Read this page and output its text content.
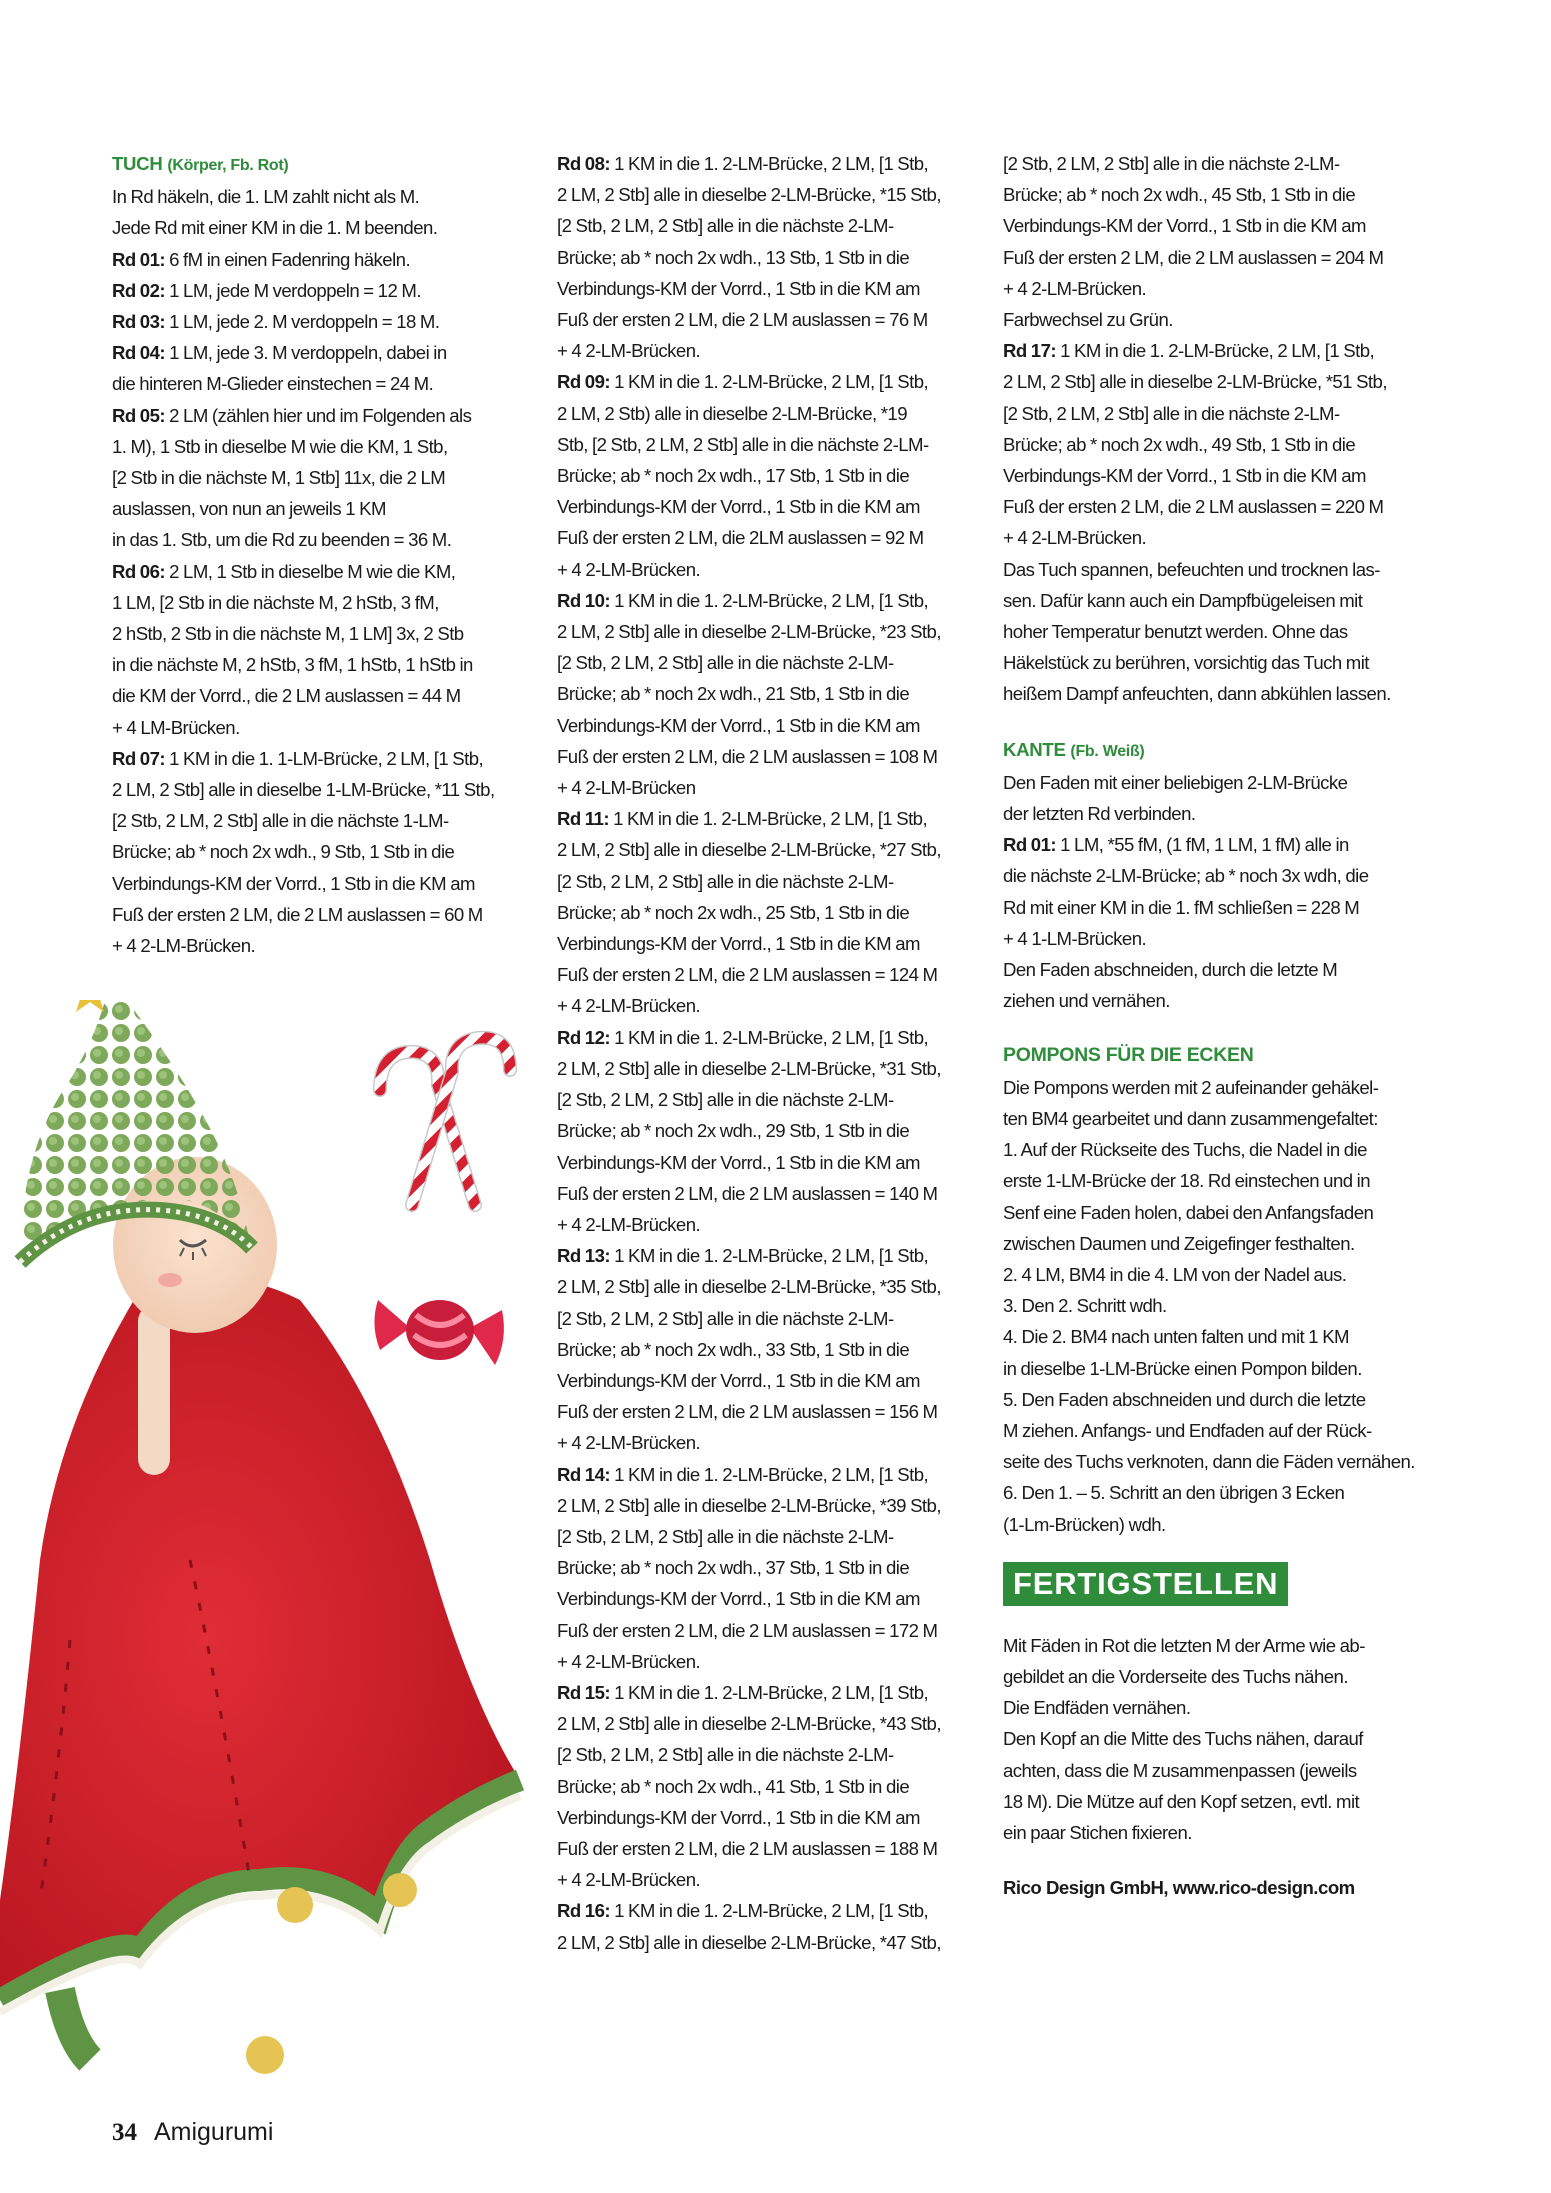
TUCH (Körper, Fb. Rot)
In Rd häkeln, die 1. LM zahlt nicht als M.
Jede Rd mit einer KM in die 1. M beenden.
Rd 01: 6 fM in einen Fadenring häkeln.
Rd 02: 1 LM, jede M verdoppeln = 12 M.
Rd 03: 1 LM, jede 2. M verdoppeln = 18 M.
Rd 04: 1 LM, jede 3. M verdoppeln, dabei in
die hinteren M-Glieder einstechen = 24 M.
Rd 05: 2 LM (zählen hier und im Folgenden als
1. M), 1 Stb in dieselbe M wie die KM, 1 Stb,
[2 Stb in die nächste M, 1 Stb] 11x, die 2 LM
auslassen, von nun an jeweils 1 KM
in das 1. Stb, um die Rd zu beenden = 36 M.
Rd 06: 2 LM, 1 Stb in dieselbe M wie die KM,
1 LM, [2 Stb in die nächste M, 2 hStb, 3 fM,
2 hStb, 2 Stb in die nächste M, 1 LM] 3x, 2 Stb
in die nächste M, 2 hStb, 3 fM, 1 hStb, 1 hStb in
die KM der Vorrd., die 2 LM auslassen = 44 M
+ 4 LM-Brücken.
Rd 07: 1 KM in die 1. 1-LM-Brücke, 2 LM, [1 Stb,
2 LM, 2 Stb] alle in dieselbe 1-LM-Brücke, *11 Stb,
[2 Stb, 2 LM, 2 Stb] alle in die nächste 1-LM-
Brücke; ab * noch 2x wdh., 9 Stb, 1 Stb in die
Verbindungs-KM der Vorrd., 1 Stb in die KM am
Fuß der ersten 2 LM, die 2 LM auslassen = 60 M
+ 4 2-LM-Brücken.
Rd 08: 1 KM in die 1. 2-LM-Brücke, 2 LM, [1 Stb,
2 LM, 2 Stb] alle in dieselbe 2-LM-Brücke, *15 Stb,
[2 Stb, 2 LM, 2 Stb] alle in die nächste 2-LM-
Brücke; ab * noch 2x wdh., 13 Stb, 1 Stb in die
Verbindungs-KM der Vorrd., 1 Stb in die KM am
Fuß der ersten 2 LM, die 2 LM auslassen = 76 M
+ 4 2-LM-Brücken.
Rd 09: 1 KM in die 1. 2-LM-Brücke, 2 LM, [1 Stb,
2 LM, 2 Stb) alle in dieselbe 2-LM-Brücke, *19
Stb, [2 Stb, 2 LM, 2 Stb] alle in die nächste 2-LM-
Brücke; ab * noch 2x wdh., 17 Stb, 1 Stb in die
Verbindungs-KM der Vorrd., 1 Stb in die KM am
Fuß der ersten 2 LM, die 2LM auslassen = 92 M
+ 4 2-LM-Brücken.
Rd 10: 1 KM in die 1. 2-LM-Brücke, 2 LM, [1 Stb,
2 LM, 2 Stb] alle in dieselbe 2-LM-Brücke, *23 Stb,
[2 Stb, 2 LM, 2 Stb] alle in die nächste 2-LM-
Brücke; ab * noch 2x wdh., 21 Stb, 1 Stb in die
Verbindungs-KM der Vorrd., 1 Stb in die KM am
Fuß der ersten 2 LM, die 2 LM auslassen = 108 M
+ 4 2-LM-Brücken
Rd 11: 1 KM in die 1. 2-LM-Brücke, 2 LM, [1 Stb,
2 LM, 2 Stb] alle in dieselbe 2-LM-Brücke, *27 Stb,
[2 Stb, 2 LM, 2 Stb] alle in die nächste 2-LM-
Brücke; ab * noch 2x wdh., 25 Stb, 1 Stb in die
Verbindungs-KM der Vorrd., 1 Stb in die KM am
Fuß der ersten 2 LM, die 2 LM auslassen = 124 M
+ 4 2-LM-Brücken.
Rd 12: 1 KM in die 1. 2-LM-Brücke, 2 LM, [1 Stb,
2 LM, 2 Stb] alle in dieselbe 2-LM-Brücke, *31 Stb,
[2 Stb, 2 LM, 2 Stb] alle in die nächste 2-LM-
Brücke; ab * noch 2x wdh., 29 Stb, 1 Stb in die
Verbindungs-KM der Vorrd., 1 Stb in die KM am
Fuß der ersten 2 LM, die 2 LM auslassen = 140 M
+ 4 2-LM-Brücken.
Rd 13: 1 KM in die 1. 2-LM-Brücke, 2 LM, [1 Stb,
2 LM, 2 Stb] alle in dieselbe 2-LM-Brücke, *35 Stb,
[2 Stb, 2 LM, 2 Stb] alle in die nächste 2-LM-
Brücke; ab * noch 2x wdh., 33 Stb, 1 Stb in die
Verbindungs-KM der Vorrd., 1 Stb in die KM am
Fuß der ersten 2 LM, die 2 LM auslassen = 156 M
+ 4 2-LM-Brücken.
Rd 14: 1 KM in die 1. 2-LM-Brücke, 2 LM, [1 Stb,
2 LM, 2 Stb] alle in dieselbe 2-LM-Brücke, *39 Stb,
[2 Stb, 2 LM, 2 Stb] alle in die nächste 2-LM-
Brücke; ab * noch 2x wdh., 37 Stb, 1 Stb in die
Verbindungs-KM der Vorrd., 1 Stb in die KM am
Fuß der ersten 2 LM, die 2 LM auslassen = 172 M
+ 4 2-LM-Brücken.
Rd 15: 1 KM in die 1. 2-LM-Brücke, 2 LM, [1 Stb,
2 LM, 2 Stb] alle in dieselbe 2-LM-Brücke, *43 Stb,
[2 Stb, 2 LM, 2 Stb] alle in die nächste 2-LM-
Brücke; ab * noch 2x wdh., 41 Stb, 1 Stb in die
Verbindungs-KM der Vorrd., 1 Stb in die KM am
Fuß der ersten 2 LM, die 2 LM auslassen = 188 M
+ 4 2-LM-Brücken.
Rd 16: 1 KM in die 1. 2-LM-Brücke, 2 LM, [1 Stb,
2 LM, 2 Stb] alle in dieselbe 2-LM-Brücke, *47 Stb,
[2 Stb, 2 LM, 2 Stb] alle in die nächste 2-LM-
Brücke; ab * noch 2x wdh., 45 Stb, 1 Stb in die
Verbindungs-KM der Vorrd., 1 Stb in die KM am
Fuß der ersten 2 LM, die 2 LM auslassen = 204 M
+ 4 2-LM-Brücken.
Farbwechsel zu Grün.
Rd 17: 1 KM in die 1. 2-LM-Brücke, 2 LM, [1 Stb,
2 LM, 2 Stb] alle in dieselbe 2-LM-Brücke, *51 Stb,
[2 Stb, 2 LM, 2 Stb] alle in die nächste 2-LM-
Brücke; ab * noch 2x wdh., 49 Stb, 1 Stb in die
Verbindungs-KM der Vorrd., 1 Stb in die KM am
Fuß der ersten 2 LM, die 2 LM auslassen = 220 M
+ 4 2-LM-Brücken.
Das Tuch spannen, befeuchten und trocknen las-
sen. Dafür kann auch ein Dampfbügeleisen mit
hoher Temperatur benutzt werden. Ohne das
Häkelstück zu berühren, vorsichtig das Tuch mit
heißem Dampf anfeuchten, dann abkühlen lassen.
KANTE (Fb. Weiß)
Den Faden mit einer beliebigen 2-LM-Brücke
der letzten Rd verbinden.
Rd 01: 1 LM, *55 fM, (1 fM, 1 LM, 1 fM) alle in
die nächste 2-LM-Brücke; ab * noch 3x wdh, die
Rd mit einer KM in die 1. fM schließen = 228 M
+ 4 1-LM-Brücken.
Den Faden abschneiden, durch die letzte M
ziehen und vernähen.
POMPONS FÜR DIE ECKEN
Die Pompons werden mit 2 aufeinander gehäkel-
ten BM4 gearbeitet und dann zusammengefaltet:
1. Auf der Rückseite des Tuchs, die Nadel in die
erste 1-LM-Brücke der 18. Rd einstechen und in
Senf eine Faden holen, dabei den Anfangsfaden
zwischen Daumen und Zeigefinger festhalten.
2. 4 LM, BM4 in die 4. LM von der Nadel aus.
3. Den 2. Schritt wdh.
4. Die 2. BM4 nach unten falten und mit 1 KM
in dieselbe 1-LM-Brücke einen Pompon bilden.
5. Den Faden abschneiden und durch die letzte
M ziehen. Anfangs- und Endfaden auf der Rück-
seite des Tuchs verknoten, dann die Fäden vernähen.
6. Den 1. – 5. Schritt an den übrigen 3 Ecken
(1-Lm-Brücken) wdh.
FERTIGSTELLEN
Mit Fäden in Rot die letzten M der Arme wie ab-
gebildet an die Vorderseite des Tuchs nähen.
Die Endfäden vernähen.
Den Kopf an die Mitte des Tuchs nähen, darauf
achten, dass die M zusammenpassen (jeweils
18 M). Die Mütze auf den Kopf setzen, evtl. mit
ein paar Stichen fixieren.
Rico Design GmbH, www.rico-design.com
34 Amigurumi
